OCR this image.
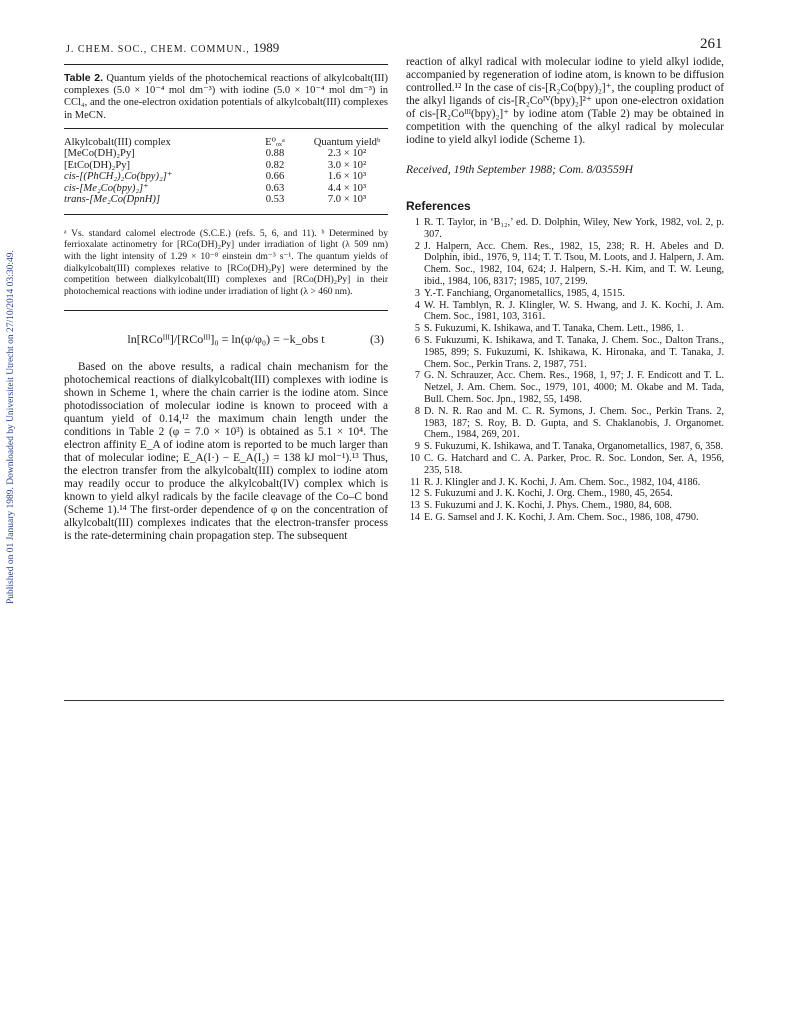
Published on 01 January 1989. Downloaded by Universiteit Utrecht on 27/10/2014 03:30:49.
J. CHEM. SOC., CHEM. COMMUN., 1989	261
Table 2. Quantum yields of the photochemical reactions of alkylcobalt(III) complexes (5.0 × 10⁻⁴ mol dm⁻³) with iodine (5.0 × 10⁻⁴ mol dm⁻³) in CCl₄, and the one-electron oxidation potentials of alkylcobalt(III) complexes in MeCN.
Alkylcobalt(III) complex	E⁰ₒₓᵃ	Quantum yieldᵇ
[MeCo(DH)₂Py]	0.88	2.3 × 10²
[EtCo(DH)₂Py]	0.82	3.0 × 10²
cis-[(PhCH₂)₂Co(bpy)₂]⁺	0.66	1.6 × 10³
cis-[Me₂Co(bpy)₂]⁺	0.63	4.4 × 10³
trans-[Me₂Co(DpnH)]	0.53	7.0 × 10³
ᵃ Vs. standard calomel electrode (S.C.E.) (refs. 5, 6, and 11). ᵇ Determined by ferrioxalate actinometry for [RCo(DH)₂Py] under irradiation of light (λ 509 nm) with the light intensity of 1.29 × 10⁻⁸ einstein dm⁻³ s⁻¹. The quantum yields of dialkylcobalt(III) complexes relative to [RCo(DH)₂Py] were determined by the competition between dialkylcobalt(III) complexes and [RCo(DH)₂Py] in their photochemical reactions with iodine under irradiation of light (λ > 460 nm).
ln[RCoᴵᴵᴵ]/[RCoᴵᴵᴵ]₀ = ln(φ/φ₀) = −k_obs t	(3)
Based on the above results, a radical chain mechanism for the photochemical reactions of dialkylcobalt(III) complexes with iodine is shown in Scheme 1, where the chain carrier is the iodine atom. Since photodissociation of molecular iodine is known to proceed with a quantum yield of 0.14,¹² the maximum chain length under the conditions in Table 2 (φ = 7.0 × 10³) is obtained as 5.1 × 10⁴. The electron affinity E_A of iodine atom is reported to be much larger than that of molecular iodine; E_A(I·) − E_A(I₂) = 138 kJ mol⁻¹).¹³ Thus, the electron transfer from the alkylcobalt(III) complex to iodine atom may readily occur to produce the alkylcobalt(IV) complex which is known to yield alkyl radicals by the facile cleavage of the Co–C bond (Scheme 1).¹⁴ The first-order dependence of φ on the concentration of alkylcobalt(III) complexes indicates that the electron-transfer process is the rate-determining chain propagation step. The subsequent
reaction of alkyl radical with molecular iodine to yield alkyl iodide, accompanied by regeneration of iodine atom, is known to be diffusion controlled.¹² In the case of cis-[R₂Co(bpy)₂]⁺, the coupling product of the alkyl ligands of cis-[R₂Coᴵⱽ(bpy)₂]²⁺ upon one-electron oxidation of cis-[R₂Coᴵᴵᴵ(bpy)₂]⁺ by iodine atom (Table 2) may be obtained in competition with the quenching of the alkyl radical by molecular iodine to yield alkyl iodide (Scheme 1).
Received, 19th September 1988; Com. 8/03559H
References
1 R. T. Taylor, in ‘B₁₂,’ ed. D. Dolphin, Wiley, New York, 1982, vol. 2, p. 307.
2 J. Halpern, Acc. Chem. Res., 1982, 15, 238; R. H. Abeles and D. Dolphin, ibid., 1976, 9, 114; T. T. Tsou, M. Loots, and J. Halpern, J. Am. Chem. Soc., 1982, 104, 624; J. Halpern, S.-H. Kim, and T. W. Leung, ibid., 1984, 106, 8317; 1985, 107, 2199.
3 Y.-T. Fanchiang, Organometallics, 1985, 4, 1515.
4 W. H. Tamblyn, R. J. Klingler, W. S. Hwang, and J. K. Kochi, J. Am. Chem. Soc., 1981, 103, 3161.
5 S. Fukuzumi, K. Ishikawa, and T. Tanaka, Chem. Lett., 1986, 1.
6 S. Fukuzumi, K. Ishikawa, and T. Tanaka, J. Chem. Soc., Dalton Trans., 1985, 899; S. Fukuzumi, K. Ishikawa, K. Hironaka, and T. Tanaka, J. Chem. Soc., Perkin Trans. 2, 1987, 751.
7 G. N. Schrauzer, Acc. Chem. Res., 1968, 1, 97; J. F. Endicott and T. L. Netzel, J. Am. Chem. Soc., 1979, 101, 4000; M. Okabe and M. Tada, Bull. Chem. Soc. Jpn., 1982, 55, 1498.
8 D. N. R. Rao and M. C. R. Symons, J. Chem. Soc., Perkin Trans. 2, 1983, 187; S. Roy, B. D. Gupta, and S. Chaklanobis, J. Organomet. Chem., 1984, 269, 201.
9 S. Fukuzumi, K. Ishikawa, and T. Tanaka, Organometallics, 1987, 6, 358.
10 C. G. Hatchard and C. A. Parker, Proc. R. Soc. London, Ser. A, 1956, 235, 518.
11 R. J. Klingler and J. K. Kochi, J. Am. Chem. Soc., 1982, 104, 4186.
12 S. Fukuzumi and J. K. Kochi, J. Org. Chem., 1980, 45, 2654.
13 S. Fukuzumi and J. K. Kochi, J. Phys. Chem., 1980, 84, 608.
14 E. G. Samsel and J. K. Kochi, J. Am. Chem. Soc., 1986, 108, 4790.
